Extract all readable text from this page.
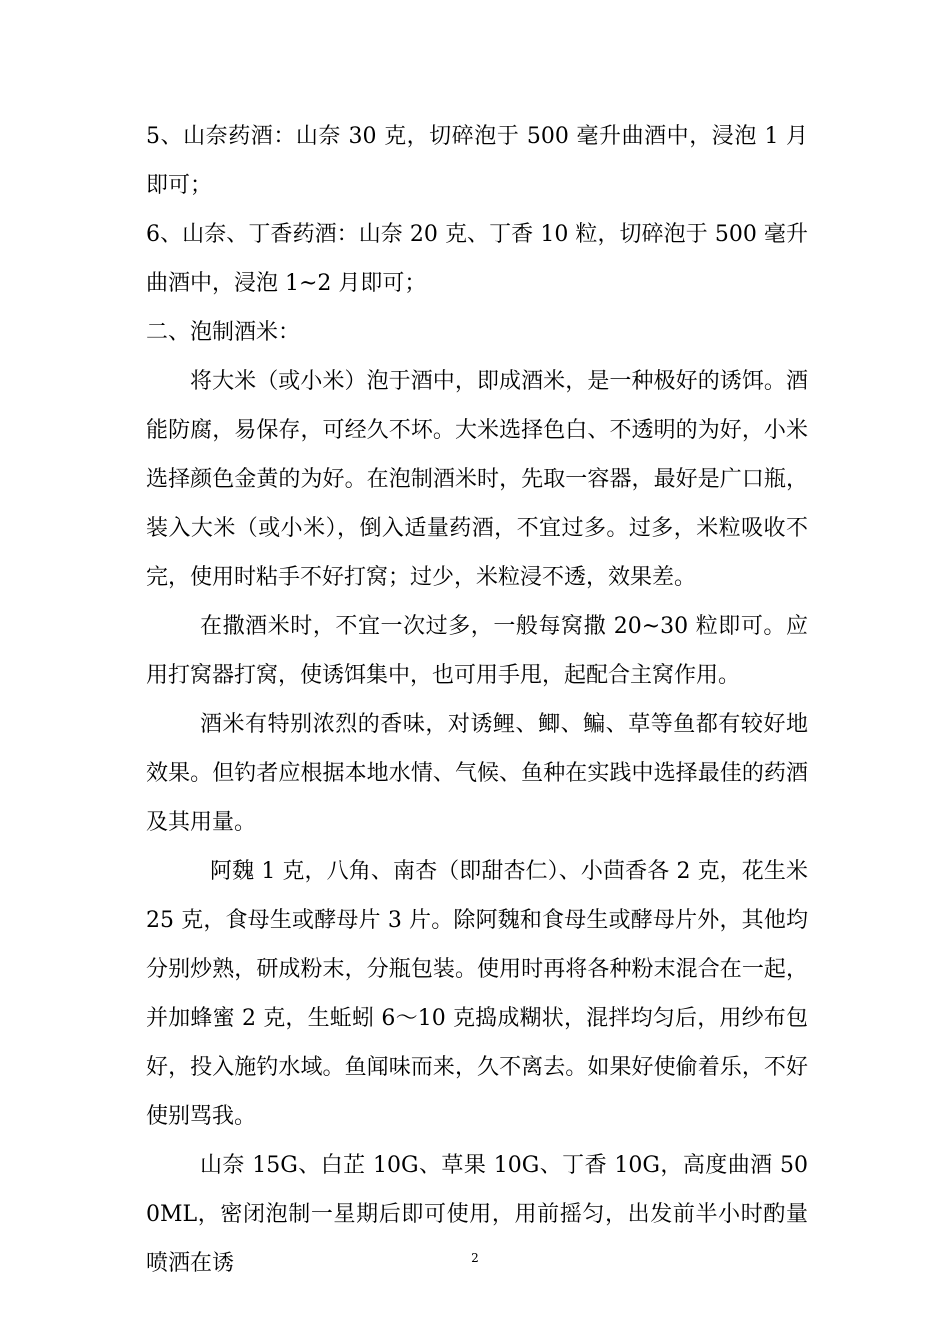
5、山奈药酒：山奈 30 克，切碎泡于 500 毫升曲酒中，浸泡 1 月即可；

6、山奈、丁香药酒：山奈 20 克、丁香 10 粒，切碎泡于 500 毫升曲酒中，浸泡 1~2 月即可；

二、泡制酒米：

将大米（或小米）泡于酒中，即成酒米，是一种极好的诱饵。酒能防腐，易保存，可经久不坏。大米选择色白、不透明的为好，小米选择颜色金黄的为好。在泡制酒米时，先取一容器，最好是广口瓶，装入大米（或小米），倒入适量药酒，不宜过多。过多，米粒吸收不完，使用时粘手不好打窝；过少，米粒浸不透，效果差。

在撒酒米时，不宜一次过多，一般每窝撒 20~30 粒即可。应用打窝器打窝，使诱饵集中，也可用手甩，起配合主窝作用。

酒米有特别浓烈的香味，对诱鲤、鲫、鳊、草等鱼都有较好地效果。但钓者应根据本地水情、气候、鱼种在实践中选择最佳的药酒及其用量。

阿魏 1 克，八角、南杏（即甜杏仁）、小茴香各 2 克，花生米 25 克，食母生或酵母片 3 片。除阿魏和食母生或酵母片外，其他均分别炒熟，研成粉末，分瓶包装。使用时再将各种粉末混合在一起，并加蜂蜜 2 克，生蚯蚓 6～10 克捣成糊状，混拌均匀后，用纱布包好，投入施钓水域。鱼闻味而来，久不离去。如果好使偷着乐，不好使别骂我。

山奈 15G、白芷 10G、草果 10G、丁香 10G，高度曲酒 500ML，密闭泡制一星期后即可使用，用前摇匀，出发前半小时酌量喷洒在诱	2
